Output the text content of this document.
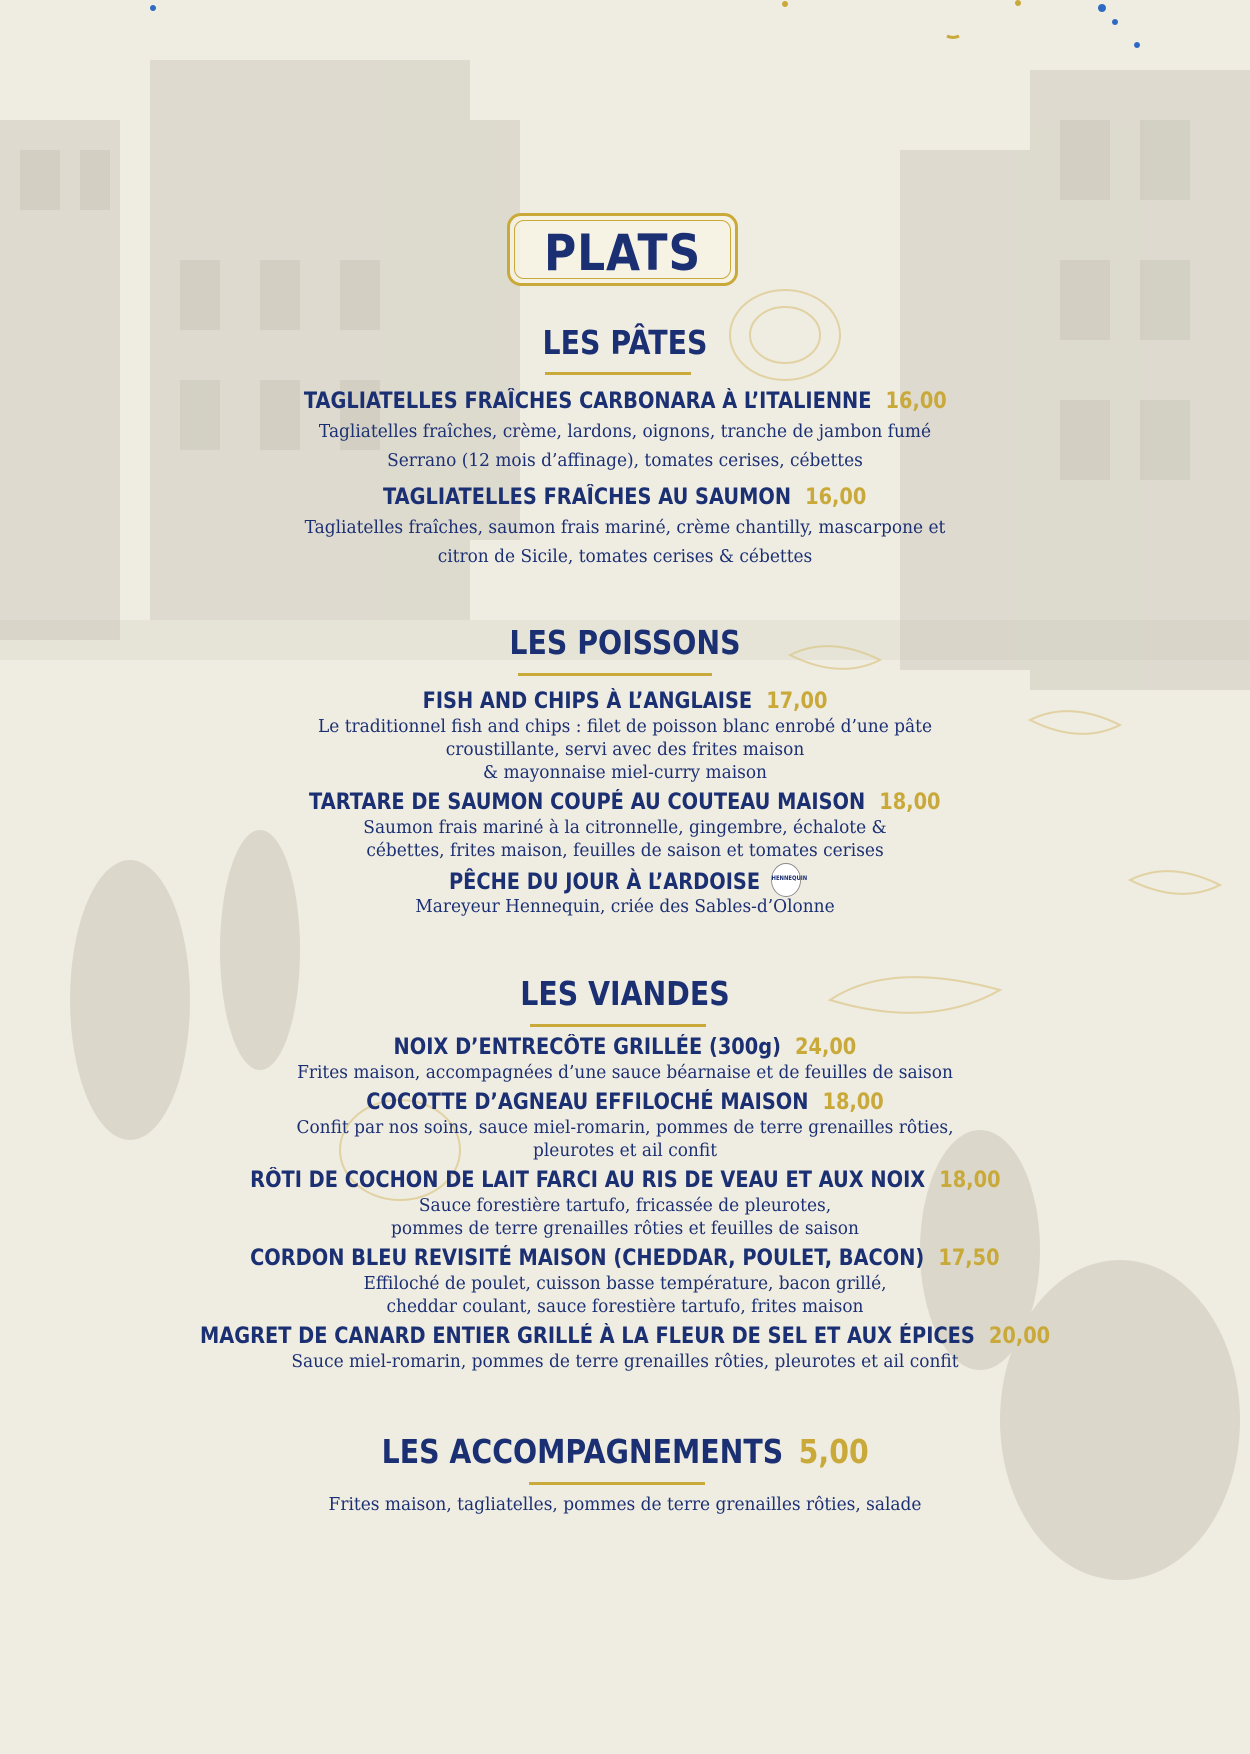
PLATS
LES PÂTES
TAGLIATELLES FRAÎCHES CARBONARA À L’ITALIENNE 16,00
Tagliatelles fraîches, crème, lardons, oignons, tranche de jambon fumé
Serrano (12 mois d’affinage), tomates cerises, cébettes
TAGLIATELLES FRAÎCHES AU SAUMON 16,00
Tagliatelles fraîches, saumon frais mariné, crème chantilly, mascarpone et
citron de Sicile, tomates cerises & cébettes
LES POISSONS
FISH AND CHIPS À L’ANGLAISE 17,00
Le traditionnel fish and chips : filet de poisson blanc enrobé d’une pâte
croustillante, servi avec des frites maison
& mayonnaise miel-curry maison
TARTARE DE SAUMON COUPÉ AU COUTEAU MAISON 18,00
Saumon frais mariné à la citronnelle, gingembre, échalote &
cébettes, frites maison, feuilles de saison et tomates cerises
PÊCHE DU JOUR À L’ARDOISE HENNEQUIN
Mareyeur Hennequin, criée des Sables-d’Olonne
LES VIANDES
NOIX D’ENTRECÔTE GRILLÉE (300g) 24,00
Frites maison, accompagnées d’une sauce béarnaise et de feuilles de saison
COCOTTE D’AGNEAU EFFILOCHÉ MAISON 18,00
Confit par nos soins, sauce miel-romarin, pommes de terre grenailles rôties,
pleurotes et ail confit
RÔTI DE COCHON DE LAIT FARCI AU RIS DE VEAU ET AUX NOIX 18,00
Sauce forestière tartufo, fricassée de pleurotes,
pommes de terre grenailles rôties et feuilles de saison
CORDON BLEU REVISITÉ MAISON (CHEDDAR, POULET, BACON) 17,50
Effiloché de poulet, cuisson basse température, bacon grillé,
cheddar coulant, sauce forestière tartufo, frites maison
MAGRET DE CANARD ENTIER GRILLÉ À LA FLEUR DE SEL ET AUX ÉPICES 20,00
Sauce miel-romarin, pommes de terre grenailles rôties, pleurotes et ail confit
LES ACCOMPAGNEMENTS 5,00
Frites maison, tagliatelles, pommes de terre grenailles rôties, salade
